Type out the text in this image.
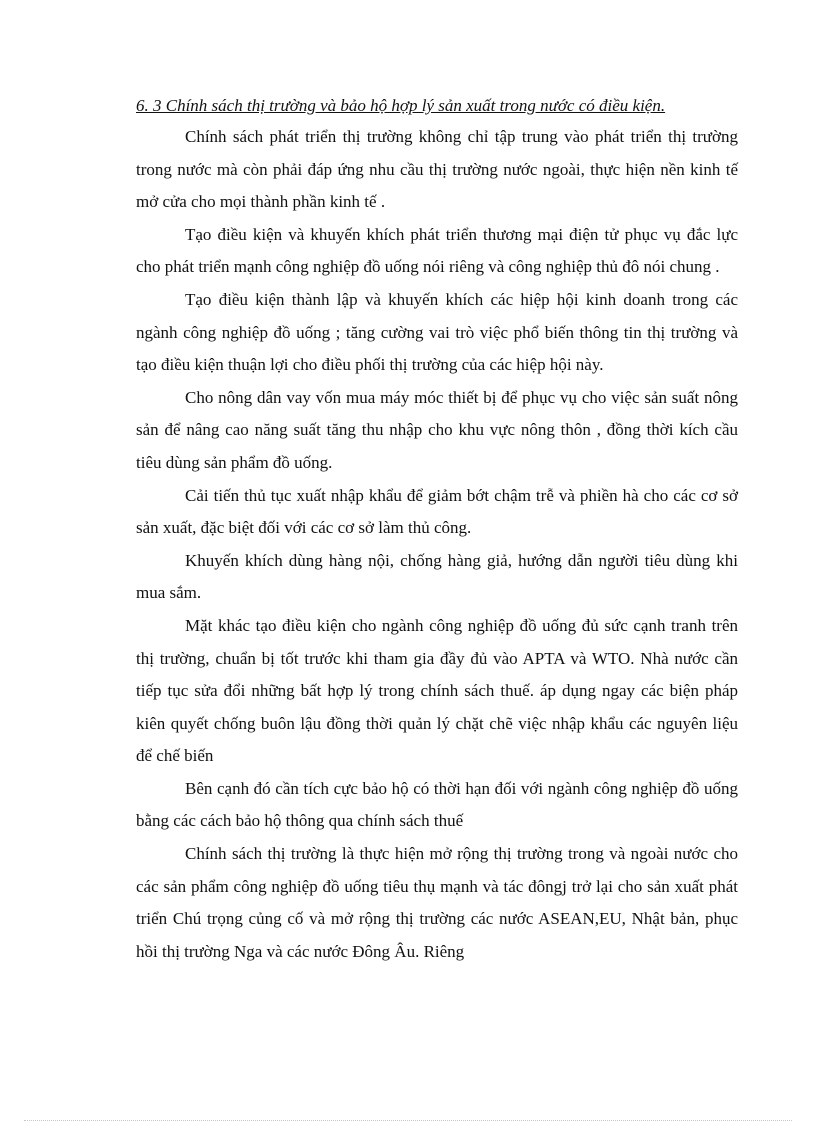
6. 3 Chính sách thị trường và bảo hộ hợp lý sản xuất trong nước có điều kiện.

Chính sách phát triển thị trường không chỉ tập trung vào phát triển thị trường trong nước mà còn phải đáp ứng nhu cầu thị trường nước ngoài, thực hiện nền kinh tế mở cửa cho mọi thành phần kinh tế .

Tạo điều kiện và khuyến khích phát triển thương mại điện tử phục vụ đắc lực cho phát triển mạnh công nghiệp đồ uống nói riêng và công nghiệp thủ đô nói chung .

Tạo điều kiện thành lập và khuyến khích các hiệp hội kinh doanh trong các ngành công nghiệp đồ uống ; tăng cường vai trò việc phổ biến thông tin thị trường và tạo điều kiện thuận lợi cho điều phối thị trường của các hiệp hội này.

Cho nông dân vay vốn mua máy móc thiết bị để phục vụ cho việc sản suất nông sản để nâng cao năng suất tăng thu nhập cho khu vực nông thôn , đồng thời kích cầu tiêu dùng sản phẩm đồ uống.

Cải tiến thủ tục xuất nhập khẩu để giảm bớt chậm trễ và phiền hà cho các cơ sở sản xuất, đặc biệt đối với các cơ sở làm thủ công.

Khuyến khích dùng hàng nội, chống hàng giả, hướng dẫn người tiêu dùng khi mua sắm.

Mặt khác tạo điều kiện cho ngành công nghiệp đồ uống đủ sức cạnh tranh trên thị trường, chuẩn bị tốt trước khi tham gia đầy đủ vào APTA và WTO. Nhà nước cần tiếp tục sửa đổi những bất hợp lý trong chính sách thuế. áp dụng ngay các biện pháp kiên quyết chống buôn lậu đồng thời quản lý chặt chẽ việc nhập khẩu các nguyên liệu để chế biến

Bên cạnh đó cần tích cực bảo hộ có thời hạn đối với ngành công nghiệp đồ uống bằng các cách bảo hộ thông qua chính sách thuế

Chính sách thị trường là thực hiện mở rộng thị trường trong và ngoài nước cho các sản phẩm công nghiệp đồ uống tiêu thụ mạnh và tác đôngj trở lại cho sản xuất phát triển Chú trọng củng cố và mở rộng thị trường các nước ASEAN,EU, Nhật bản, phục hồi thị trường Nga và các nước Đông Âu. Riêng
